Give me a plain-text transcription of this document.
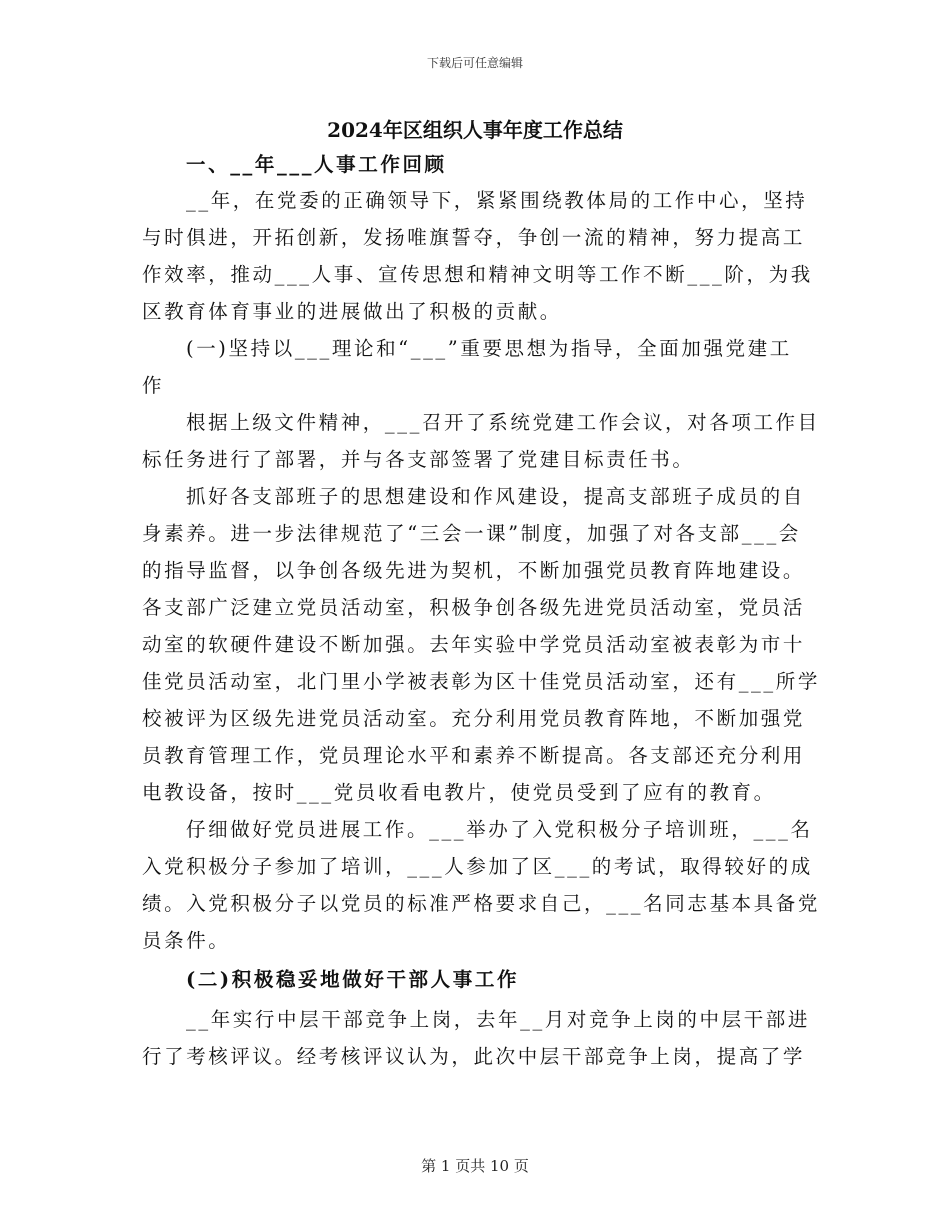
下载后可任意编辑
2024年区组织人事年度工作总结
一、__年___人事工作回顾
__年，在党委的正确领导下，紧紧围绕教体局的工作中心，坚持
与时俱进，开拓创新，发扬唯旗誓夺，争创一流的精神，努力提高工
作效率，推动___人事、宣传思想和精神文明等工作不断___阶，为我
区教育体育事业的进展做出了积极的贡献。
(一)坚持以___理论和“___”重要思想为指导，全面加强党建工
作
根据上级文件精神，___召开了系统党建工作会议，对各项工作目
标任务进行了部署，并与各支部签署了党建目标责任书。
抓好各支部班子的思想建设和作风建设，提高支部班子成员的自
身素养。进一步法律规范了“三会一课”制度，加强了对各支部___会
的指导监督，以争创各级先进为契机，不断加强党员教育阵地建设。
各支部广泛建立党员活动室，积极争创各级先进党员活动室，党员活
动室的软硬件建设不断加强。去年实验中学党员活动室被表彰为市十
佳党员活动室，北门里小学被表彰为区十佳党员活动室，还有___所学
校被评为区级先进党员活动室。充分利用党员教育阵地，不断加强党
员教育管理工作，党员理论水平和素养不断提高。各支部还充分利用
电教设备，按时___党员收看电教片，使党员受到了应有的教育。
仔细做好党员进展工作。___举办了入党积极分子培训班，___名
入党积极分子参加了培训，___人参加了区___的考试，取得较好的成
绩。入党积极分子以党员的标准严格要求自己，___名同志基本具备党
员条件。
(二)积极稳妥地做好干部人事工作
__年实行中层干部竞争上岗，去年__月对竞争上岗的中层干部进
行了考核评议。经考核评议认为，此次中层干部竞争上岗，提高了学
第 1 页共 10 页
